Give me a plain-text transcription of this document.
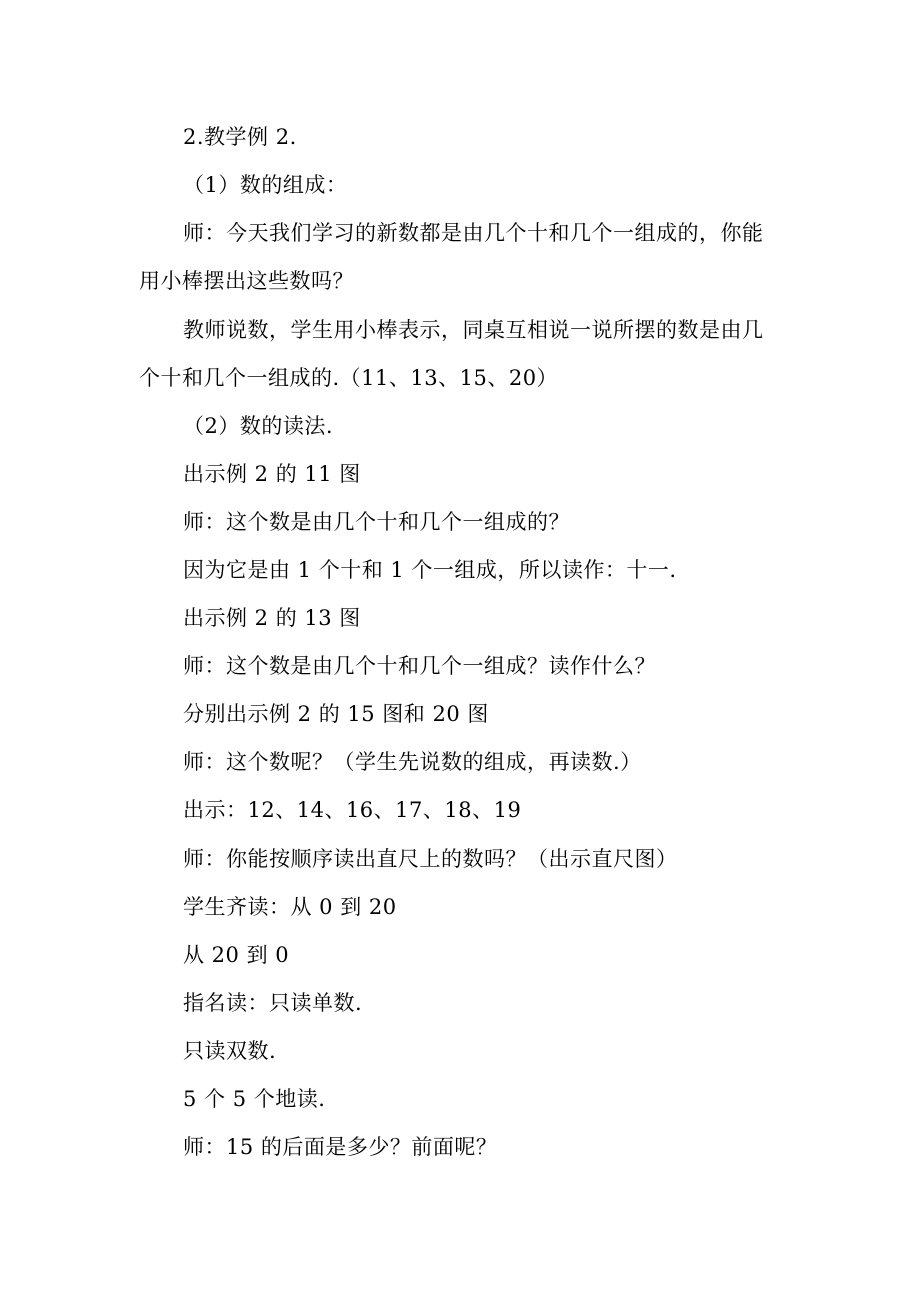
2.教学例 2.
（1）数的组成：
师：今天我们学习的新数都是由几个十和几个一组成的，你能
用小棒摆出这些数吗？
教师说数，学生用小棒表示，同桌互相说一说所摆的数是由几
个十和几个一组成的.（11、13、15、20）
（2）数的读法.
出示例 2 的 11 图
师：这个数是由几个十和几个一组成的？
因为它是由 1 个十和 1 个一组成，所以读作：十一.
出示例 2 的 13 图
师：这个数是由几个十和几个一组成？读作什么？
分别出示例 2 的 15 图和 20 图
师：这个数呢？（学生先说数的组成，再读数.）
出示：12、14、16、17、18、19
师：你能按顺序读出直尺上的数吗？（出示直尺图）
学生齐读：从 0 到 20
从 20 到 0
指名读：只读单数.
只读双数.
5 个 5 个地读.
师：15 的后面是多少？前面呢？
